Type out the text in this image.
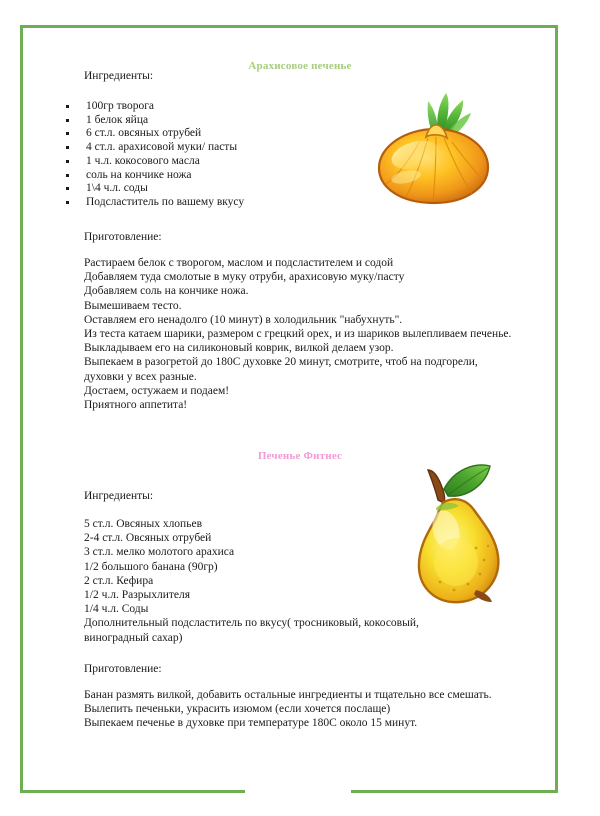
Арахисовое печенье
Ингредиенты:
100гр творога
1 белок яйца
6 ст.л. овсяных отрубей
4 ст.л. арахисовой муки/ пасты
1 ч.л. кокосового масла
соль на кончике ножа
1\4 ч.л. соды
Подсластитель по вашему вкусу
Приготовление:
Растираем белок с творогом, маслом и подсластителем и содой
Добавляем туда смолотые в муку отруби, арахисовую муку/пасту
Добавляем соль на кончике ножа.
Вымешиваем тесто.
Оставляем его ненадолго (10 минут) в холодильник "набухнуть".
Из теста катаем шарики, размером с грецкий орех, и из шариков вылепливаем печенье.
Выкладываем его на силиконовый коврик, вилкой делаем узор.
Выпекаем в разогретой до 180С духовке 20 минут, смотрите, чтоб на подгорели,
духовки у всех разные.
Достаем, остужаем и подаем!
Приятного аппетита!
Печенье Фитнес
Ингредиенты:
5 ст.л. Овсяных хлопьев
2-4 ст.л. Овсяных отрубей
3 ст.л. мелко молотого арахиса
1/2 большого банана (90гр)
2 ст.л. Кефира
1/2 ч.л. Разрыхлителя
1/4 ч.л. Соды
Дополнительный подсластитель по вкусу( тросниковый, кокосовый,
виноградный сахар)
Приготовление:
Банан размять вилкой, добавить остальные ингредиенты и тщательно все смешать.
Вылепить печеньки, украсить изюмом (если хочется послаще)
Выпекаем печенье в духовке при температуре 180С около 15 минут.
